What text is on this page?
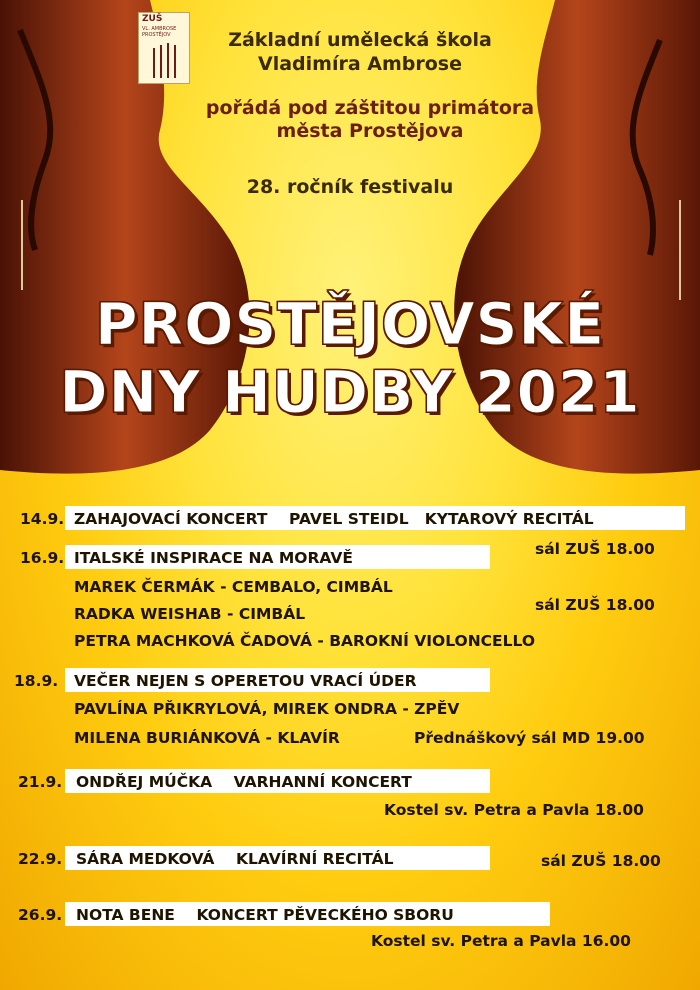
ZUŠ
VL. AMBROSE PROSTĚJOV	Základní umělecká škola
Vladimíra Ambrose
pořádá pod záštitou primátora
města Prostějova
28. ročník festivalu
PROSTĚJOVSKÉ
DNY HUDBY 2021
14.9. ZAHAJOVACÍ KONCERT    PAVEL STEIDL   KYTAROVÝ RECITÁL
sál ZUŠ 18.00
16.9. ITALSKÉ INSPIRACE NA MORAVĚ
MAREK ČERMÁK - CEMBALO, CIMBÁL
RADKA WEISHAB - CIMBÁL
PETRA MACHKOVÁ ČADOVÁ - BAROKNÍ VIOLONCELLO
sál ZUŠ 18.00
18.9. VEČER NEJEN S OPERETOU VRACÍ ÚDER
PAVLÍNA PŘIKRYLOVÁ, MIREK ONDRA - ZPĚV
MILENA BURIÁNKOVÁ - KLAVÍR	Přednáškový sál MD 19.00
21.9. ONDŘEJ MÚČKA    VARHANNÍ KONCERT
Kostel sv. Petra a Pavla 18.00
22.9. SÁRA MEDKOVÁ    KLAVÍRNÍ RECITÁL	sál ZUŠ 18.00
26.9. NOTA BENE    KONCERT PĚVECKÉHO SBORU
Kostel sv. Petra a Pavla 16.00
